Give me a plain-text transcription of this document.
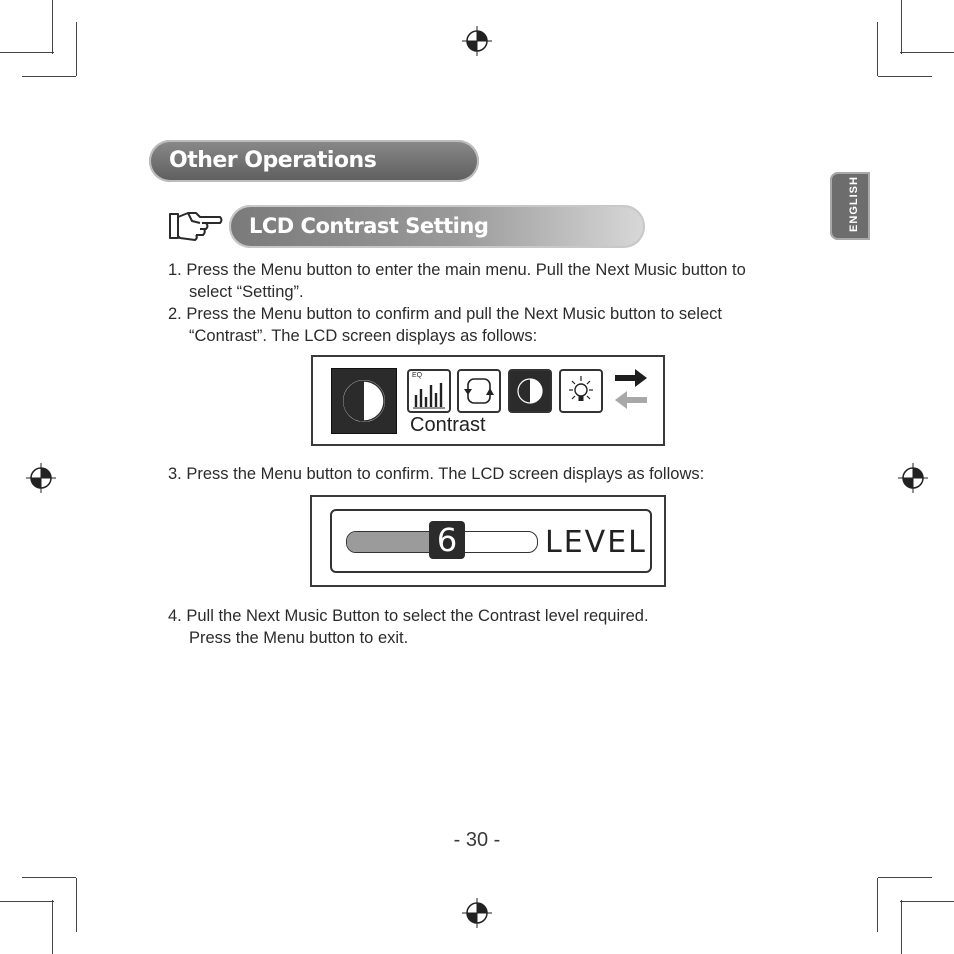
Other Operations
ENGLISH
LCD Contrast Setting
1. Press the Menu button to enter the main menu. Pull the Next Music button to
select “Setting”.
2. Press the Menu button to confirm and pull the Next Music button to select
“Contrast”. The LCD screen displays as follows:
EQ
Contrast
3. Press the Menu button to confirm. The LCD screen displays as follows:
6	LEVEL
4. Pull the Next Music Button to select the Contrast level required.
Press the Menu button to exit.
- 30 -
